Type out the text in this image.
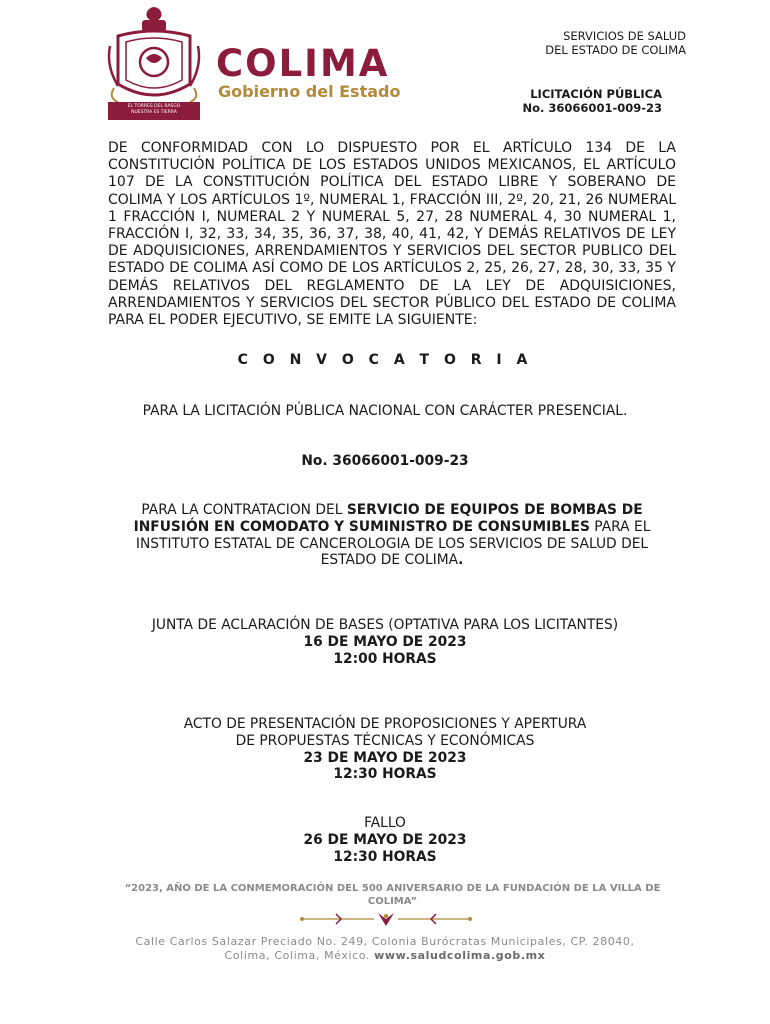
EL TORRES DEL RASGO
NUESTRA ES TIERRA
COLIMA
Gobierno del Estado
SERVICIOS DE SALUD
DEL ESTADO DE COLIMA
LICITACIÓN PÚBLICA
No. 36066001-009-23
DE CONFORMIDAD CON LO DISPUESTO POR EL ARTÍCULO 134 DE LA CONSTITUCIÓN POLÍTICA DE LOS ESTADOS UNIDOS MEXICANOS, EL ARTÍCULO 107 DE LA CONSTITUCIÓN POLÍTICA DEL ESTADO LIBRE Y SOBERANO DE COLIMA Y LOS ARTÍCULOS 1º, NUMERAL 1, FRACCIÓN III, 2º, 20, 21, 26 NUMERAL 1 FRACCIÓN I, NUMERAL 2 Y NUMERAL 5, 27, 28 NUMERAL 4, 30 NUMERAL 1, FRACCIÓN I, 32, 33, 34, 35, 36, 37, 38, 40, 41, 42, Y DEMÁS RELATIVOS DE LEY DE ADQUISICIONES, ARRENDAMIENTOS Y SERVICIOS DEL SECTOR PUBLICO DEL ESTADO DE COLIMA ASÍ COMO DE LOS ARTÍCULOS 2, 25, 26, 27, 28, 30, 33, 35 Y DEMÁS RELATIVOS DEL REGLAMENTO DE LA LEY DE ADQUISICIONES, ARRENDAMIENTOS Y SERVICIOS DEL SECTOR PÚBLICO DEL ESTADO DE COLIMA PARA EL PODER EJECUTIVO, SE EMITE LA SIGUIENTE:
C O N V O C A T O R I A
PARA LA LICITACIÓN PÚBLICA NACIONAL CON CARÁCTER PRESENCIAL.
No. 36066001-009-23
PARA LA CONTRATACION DEL SERVICIO DE EQUIPOS DE BOMBAS DE INFUSIÓN EN COMODATO Y SUMINISTRO DE CONSUMIBLES PARA EL INSTITUTO ESTATAL DE CANCEROLOGIA DE LOS SERVICIOS DE SALUD DEL ESTADO DE COLIMA.
JUNTA DE ACLARACIÓN DE BASES (OPTATIVA PARA LOS LICITANTES)
16 DE MAYO DE 2023
12:00 HORAS
ACTO DE PRESENTACIÓN DE PROPOSICIONES Y APERTURA
DE PROPUESTAS TÉCNICAS Y ECONÓMICAS
23 DE MAYO DE 2023
12:30 HORAS
FALLO
26 DE MAYO DE 2023
12:30 HORAS
“2023, AÑO DE LA CONMEMORACIÓN DEL 500 ANIVERSARIO DE LA FUNDACIÓN DE LA VILLA DE COLIMA”
Calle Carlos Salazar Preciado No. 249, Colonia Burócratas Municipales, CP. 28040,
Colima, Colima, México. www.saludcolima.gob.mx
